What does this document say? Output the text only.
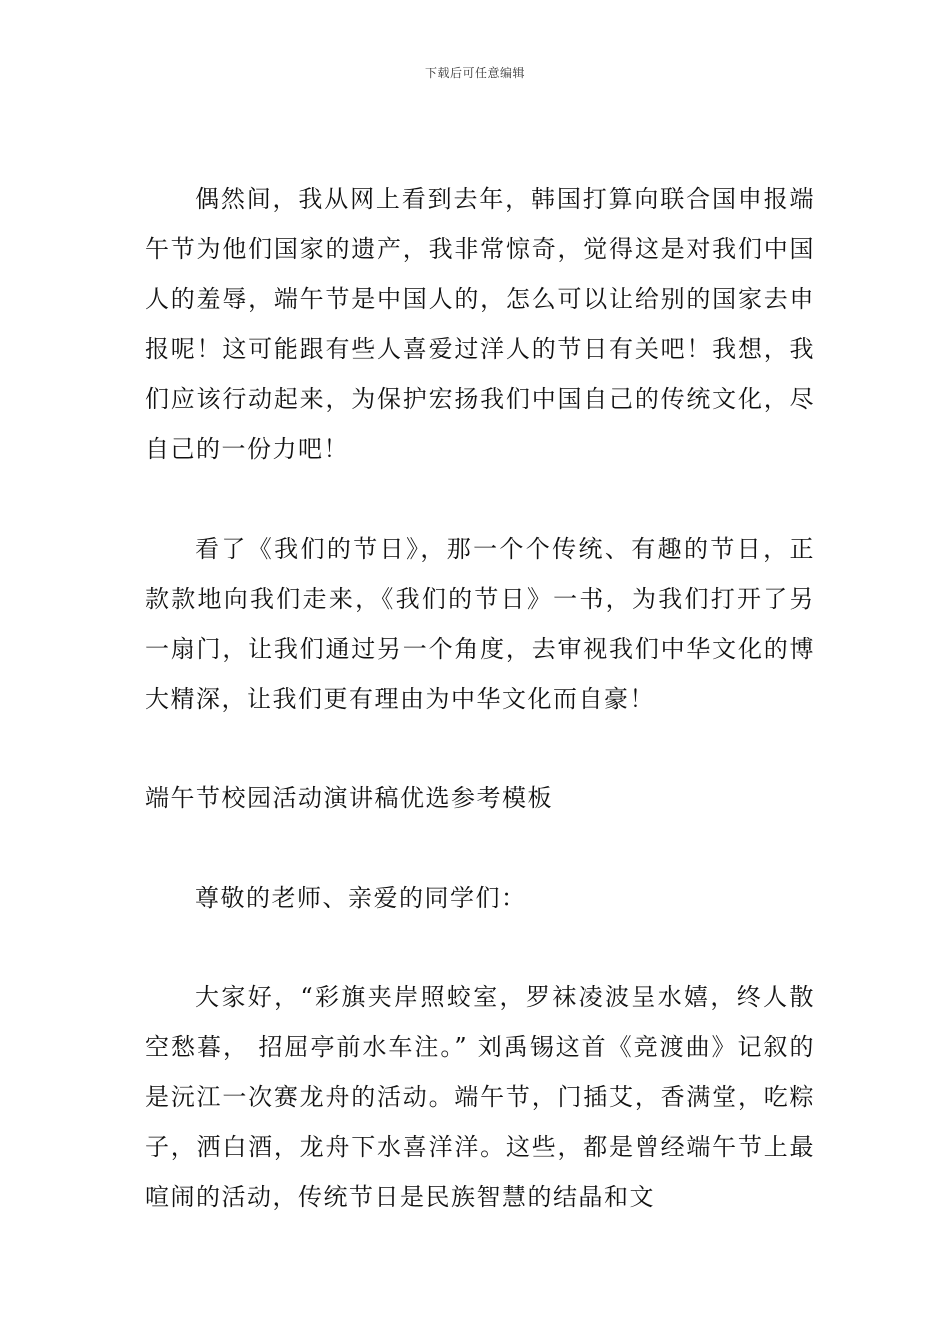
下载后可任意编辑

偶然间，我从网上看到去年，韩国打算向联合国申报端午节为他们国家的遗产，我非常惊奇，觉得这是对我们中国人的羞辱，端午节是中国人的，怎么可以让给别的国家去申报呢！这可能跟有些人喜爱过洋人的节日有关吧！我想，我们应该行动起来，为保护宏扬我们中国自己的传统文化，尽自己的一份力吧！

看了《我们的节日》，那一个个传统、有趣的节日，正款款地向我们走来，《我们的节日》一书，为我们打开了另一扇门，让我们通过另一个角度，去审视我们中华文化的博大精深，让我们更有理由为中华文化而自豪！

端午节校园活动演讲稿优选参考模板

尊敬的老师、亲爱的同学们：

大家好，“彩旗夹岸照蛟室，罗袜凌波呈水嬉，终人散空愁暮， 招屈亭前水车注。” 刘禹锡这首《竞渡曲》记叙的是沅江一次赛龙舟的活动。端午节，门插艾，香满堂，吃粽子，洒白酒，龙舟下水喜洋洋。这些，都是曾经端午节上最喧闹的活动，传统节日是民族智慧的结晶和文
